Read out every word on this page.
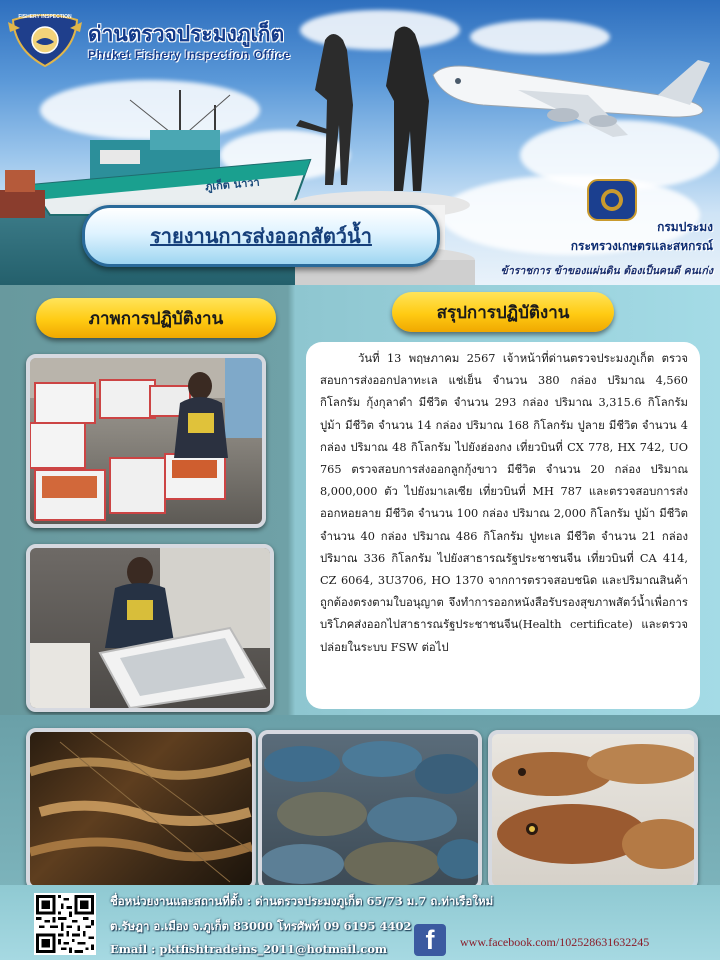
ภูเก็ต นาวา
FISHERY INSPECTION
ด่านตรวจประมงภูเก็ต
Phuket Fishery Inspection Office
รายงานการส่งออกสัตว์น้ำ	กรมประมง
กระทรวงเกษตรและสหกรณ์
ข้าราชการ ข้าของแผ่นดิน ต้องเป็นคนดี คนเก่ง
ภาพการปฏิบัติงาน	สรุปการปฏิบัติงาน

วันที่ 13 พฤษภาคม 2567 เจ้าหน้าที่ด่านตรวจประมงภูเก็ต ตรวจสอบการส่งออกปลาทะเล แช่เย็น จำนวน 380 กล่อง ปริมาณ 4,560 กิโลกรัม กุ้งกุลาดำ มีชีวิต จำนวน 293 กล่อง ปริมาณ 3,315.6 กิโลกรัม ปูม้า มีชีวิต จำนวน 14 กล่อง ปริมาณ 168 กิโลกรัม ปูลาย มีชีวิต จำนวน 4 กล่อง ปริมาณ 48 กิโลกรัม ไปยังฮ่องกง เที่ยวบินที่ CX 778, HX 742, UO 765 ตรวจสอบการส่งออกลูกกุ้งขาว มีชีวิต จำนวน 20 กล่อง ปริมาณ 8,000,000 ตัว ไปยังมาเลเซีย เที่ยวบินที่ MH 787 และตรวจสอบการส่งออกหอยลาย มีชีวิต จำนวน 100 กล่อง ปริมาณ 2,000 กิโลกรัม ปูม้า มีชีวิต จำนวน 40 กล่อง ปริมาณ 486 กิโลกรัม ปูทะเล มีชีวิต จำนวน 21 กล่อง ปริมาณ 336 กิโลกรัม ไปยังสาธารณรัฐประชาชนจีน เที่ยวบินที่ CA 414, CZ 6064, 3U3706, HO 1370 จากการตรวจสอบชนิด และปริมาณสินค้าถูกต้องตรงตามใบอนุญาต จึงทำการออกหนังสือรับรองสุขภาพสัตว์น้ำเพื่อการบริโภคส่งออกไปสาธารณรัฐประชาชนจีน(Health certificate) และตรวจปล่อยในระบบ FSW ต่อไป

ชื่อหน่วยงานและสถานที่ตั้ง : ด่านตรวจประมงภูเก็ต 65/73 ม.7 ถ.ท่าเรือใหม่
ต.รัษฎา อ.เมือง จ.ภูเก็ต 83000 โทรศัพท์ 09 6195 4402
Email : pktfishtradeins_2011@hotmail.com f www.facebook.com/102528631632245
